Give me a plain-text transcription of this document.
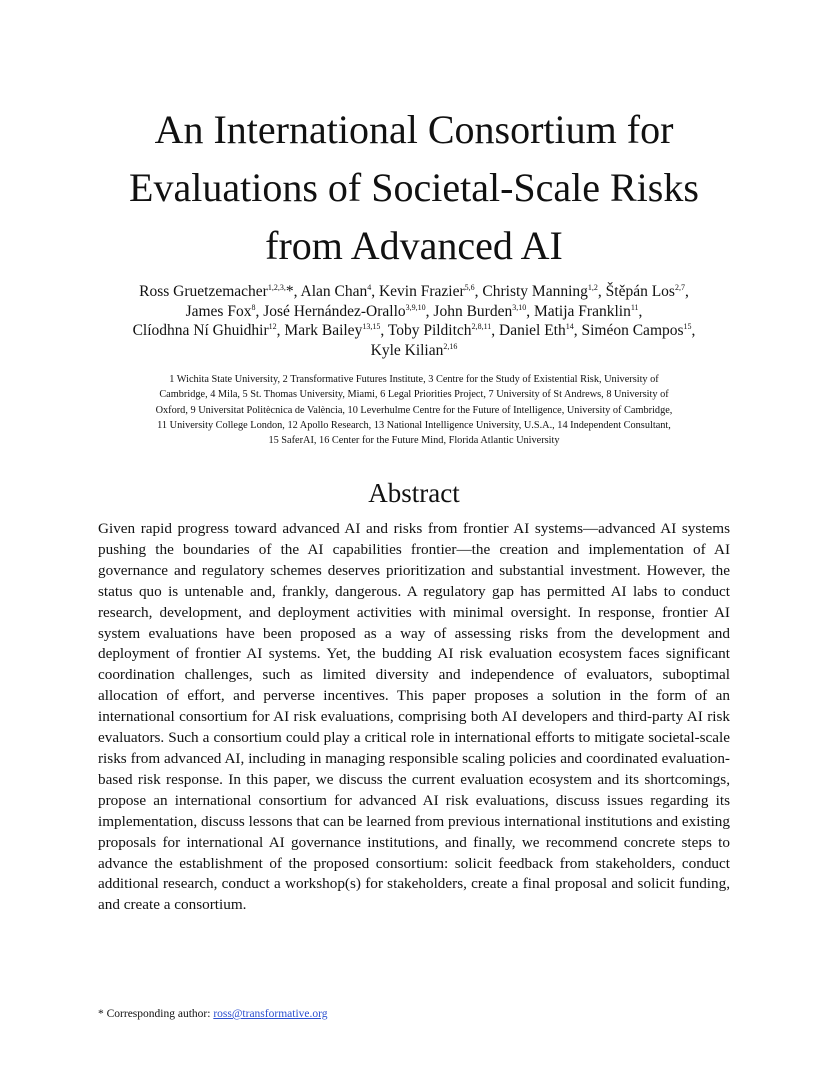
An International Consortium for
Evaluations of Societal-Scale Risks
from Advanced AI
Ross Gruetzemacher$^{1,2,3,}$*, Alan Chan$^4$, Kevin Frazier$^{5,6}$, Christy Manning$^{1,2}$, Štěpán Los$^{2,7}$,
James Fox$^8$, José Hernández-Orallo$^{3,9,10}$, John Burden$^{3,10}$, Matija Franklin$^{11}$,
Clíodhna Ní Ghuidhir$^{12}$, Mark Bailey$^{13,15}$, Toby Pilditch$^{2,8,11}$, Daniel Eth$^{14}$, Siméon Campos$^{15}$,
Kyle Kilian$^{2,16}$
1 Wichita State University, 2 Transformative Futures Institute, 3 Centre for the Study of Existential Risk, University of
Cambridge, 4 Mila, 5 St. Thomas University, Miami, 6 Legal Priorities Project, 7 University of St Andrews, 8 University of
Oxford, 9 Universitat Politècnica de València, 10 Leverhulme Centre for the Future of Intelligence, University of Cambridge,
11 University College London, 12 Apollo Research, 13 National Intelligence University, U.S.A., 14 Independent Consultant,
15 SaferAI, 16 Center for the Future Mind, Florida Atlantic University
Abstract

Given rapid progress toward advanced AI and risks from frontier AI systems—advanced AI systems pushing the boundaries of the AI capabilities frontier—the creation and implementation of AI governance and regulatory schemes deserves prioritization and substantial investment. However, the status quo is untenable and, frankly, dangerous. A regulatory gap has permitted AI labs to conduct research, development, and deployment activities with minimal oversight. In response, frontier AI system evaluations have been proposed as a way of assessing risks from the development and deployment of frontier AI systems. Yet, the budding AI risk evaluation ecosystem faces significant coordination challenges, such as limited diversity and independence of evaluators, suboptimal allocation of effort, and perverse incentives. This paper proposes a solution in the form of an international consortium for AI risk evaluations, comprising both AI developers and third-party AI risk evaluators. Such a consortium could play a critical role in international efforts to mitigate societal-scale risks from advanced AI, including in managing responsible scaling policies and coordinated evaluation-based risk response. In this paper, we discuss the current evaluation ecosystem and its shortcomings, propose an international consortium for advanced AI risk evaluations, discuss issues regarding its implementation, discuss lessons that can be learned from previous international institutions and existing proposals for international AI governance institutions, and finally, we recommend concrete steps to advance the establishment of the proposed consortium: solicit feedback from stakeholders, conduct additional research, conduct a workshop(s) for stakeholders, create a final proposal and solicit funding, and create a consortium.

* Corresponding author: ross@transformative.org
